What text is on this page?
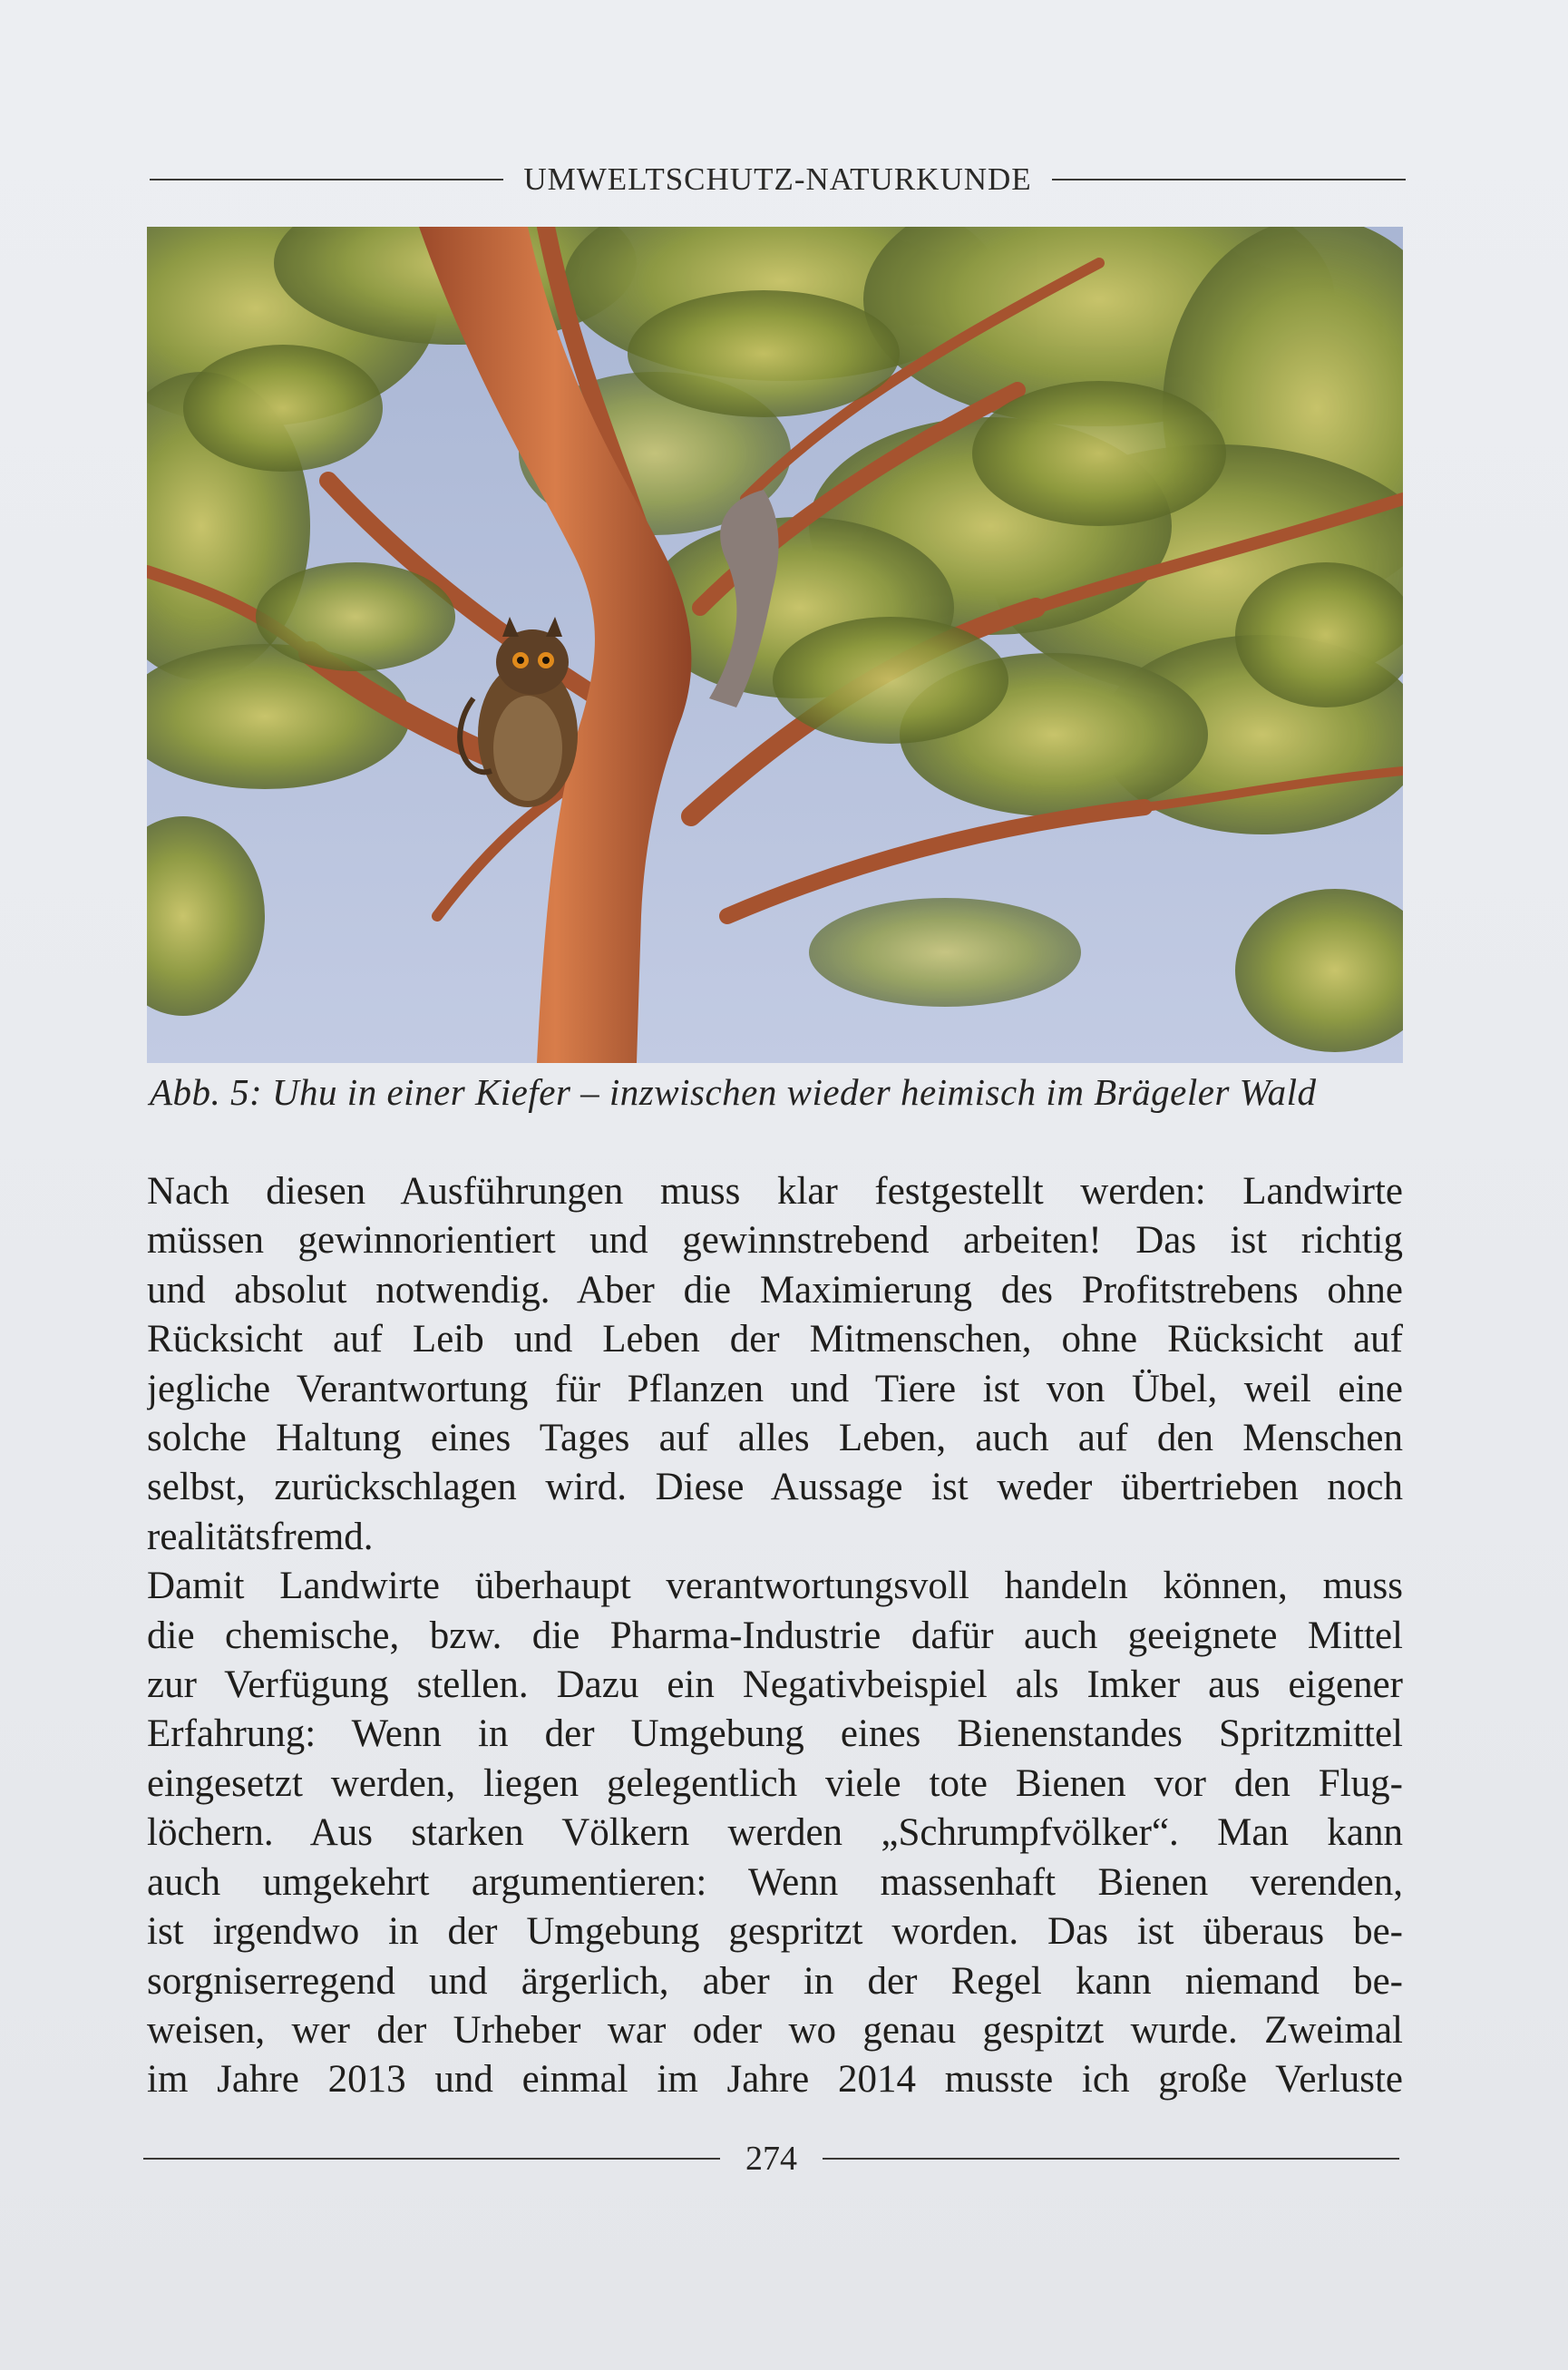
UMWELTSCHUTZ-NATURKUNDE
Abb. 5: Uhu in einer Kiefer – inzwischen wieder heimisch im Brägeler Wald
Nach diesen Ausführungen muss klar festgestellt werden: Landwirte
müssen gewinnorientiert und gewinnstrebend arbeiten! Das ist richtig
und absolut notwendig. Aber die Maximierung des Profitstrebens ohne
Rücksicht auf Leib und Leben der Mitmenschen, ohne Rücksicht auf
jegliche Verantwortung für Pflanzen und Tiere ist von Übel, weil eine
solche Haltung eines Tages auf alles Leben, auch auf den Menschen
selbst, zurückschlagen wird. Diese Aussage ist weder übertrieben noch
realitätsfremd.
Damit Landwirte überhaupt verantwortungsvoll handeln können, muss
die chemische, bzw. die Pharma-Industrie dafür auch geeignete Mittel
zur Verfügung stellen. Dazu ein Negativbeispiel als Imker aus eigener
Erfahrung: Wenn in der Umgebung eines Bienenstandes Spritzmittel
eingesetzt werden, liegen gelegentlich viele tote Bienen vor den Flug-
löchern. Aus starken Völkern werden „Schrumpfvölker“. Man kann
auch umgekehrt argumentieren: Wenn massenhaft Bienen verenden,
ist irgendwo in der Umgebung gespritzt worden. Das ist überaus be-
sorgniserregend und ärgerlich, aber in der Regel kann niemand be-
weisen, wer der Urheber war oder wo genau gespitzt wurde. Zweimal
im Jahre 2013 und einmal im Jahre 2014 musste ich große Verluste
274
